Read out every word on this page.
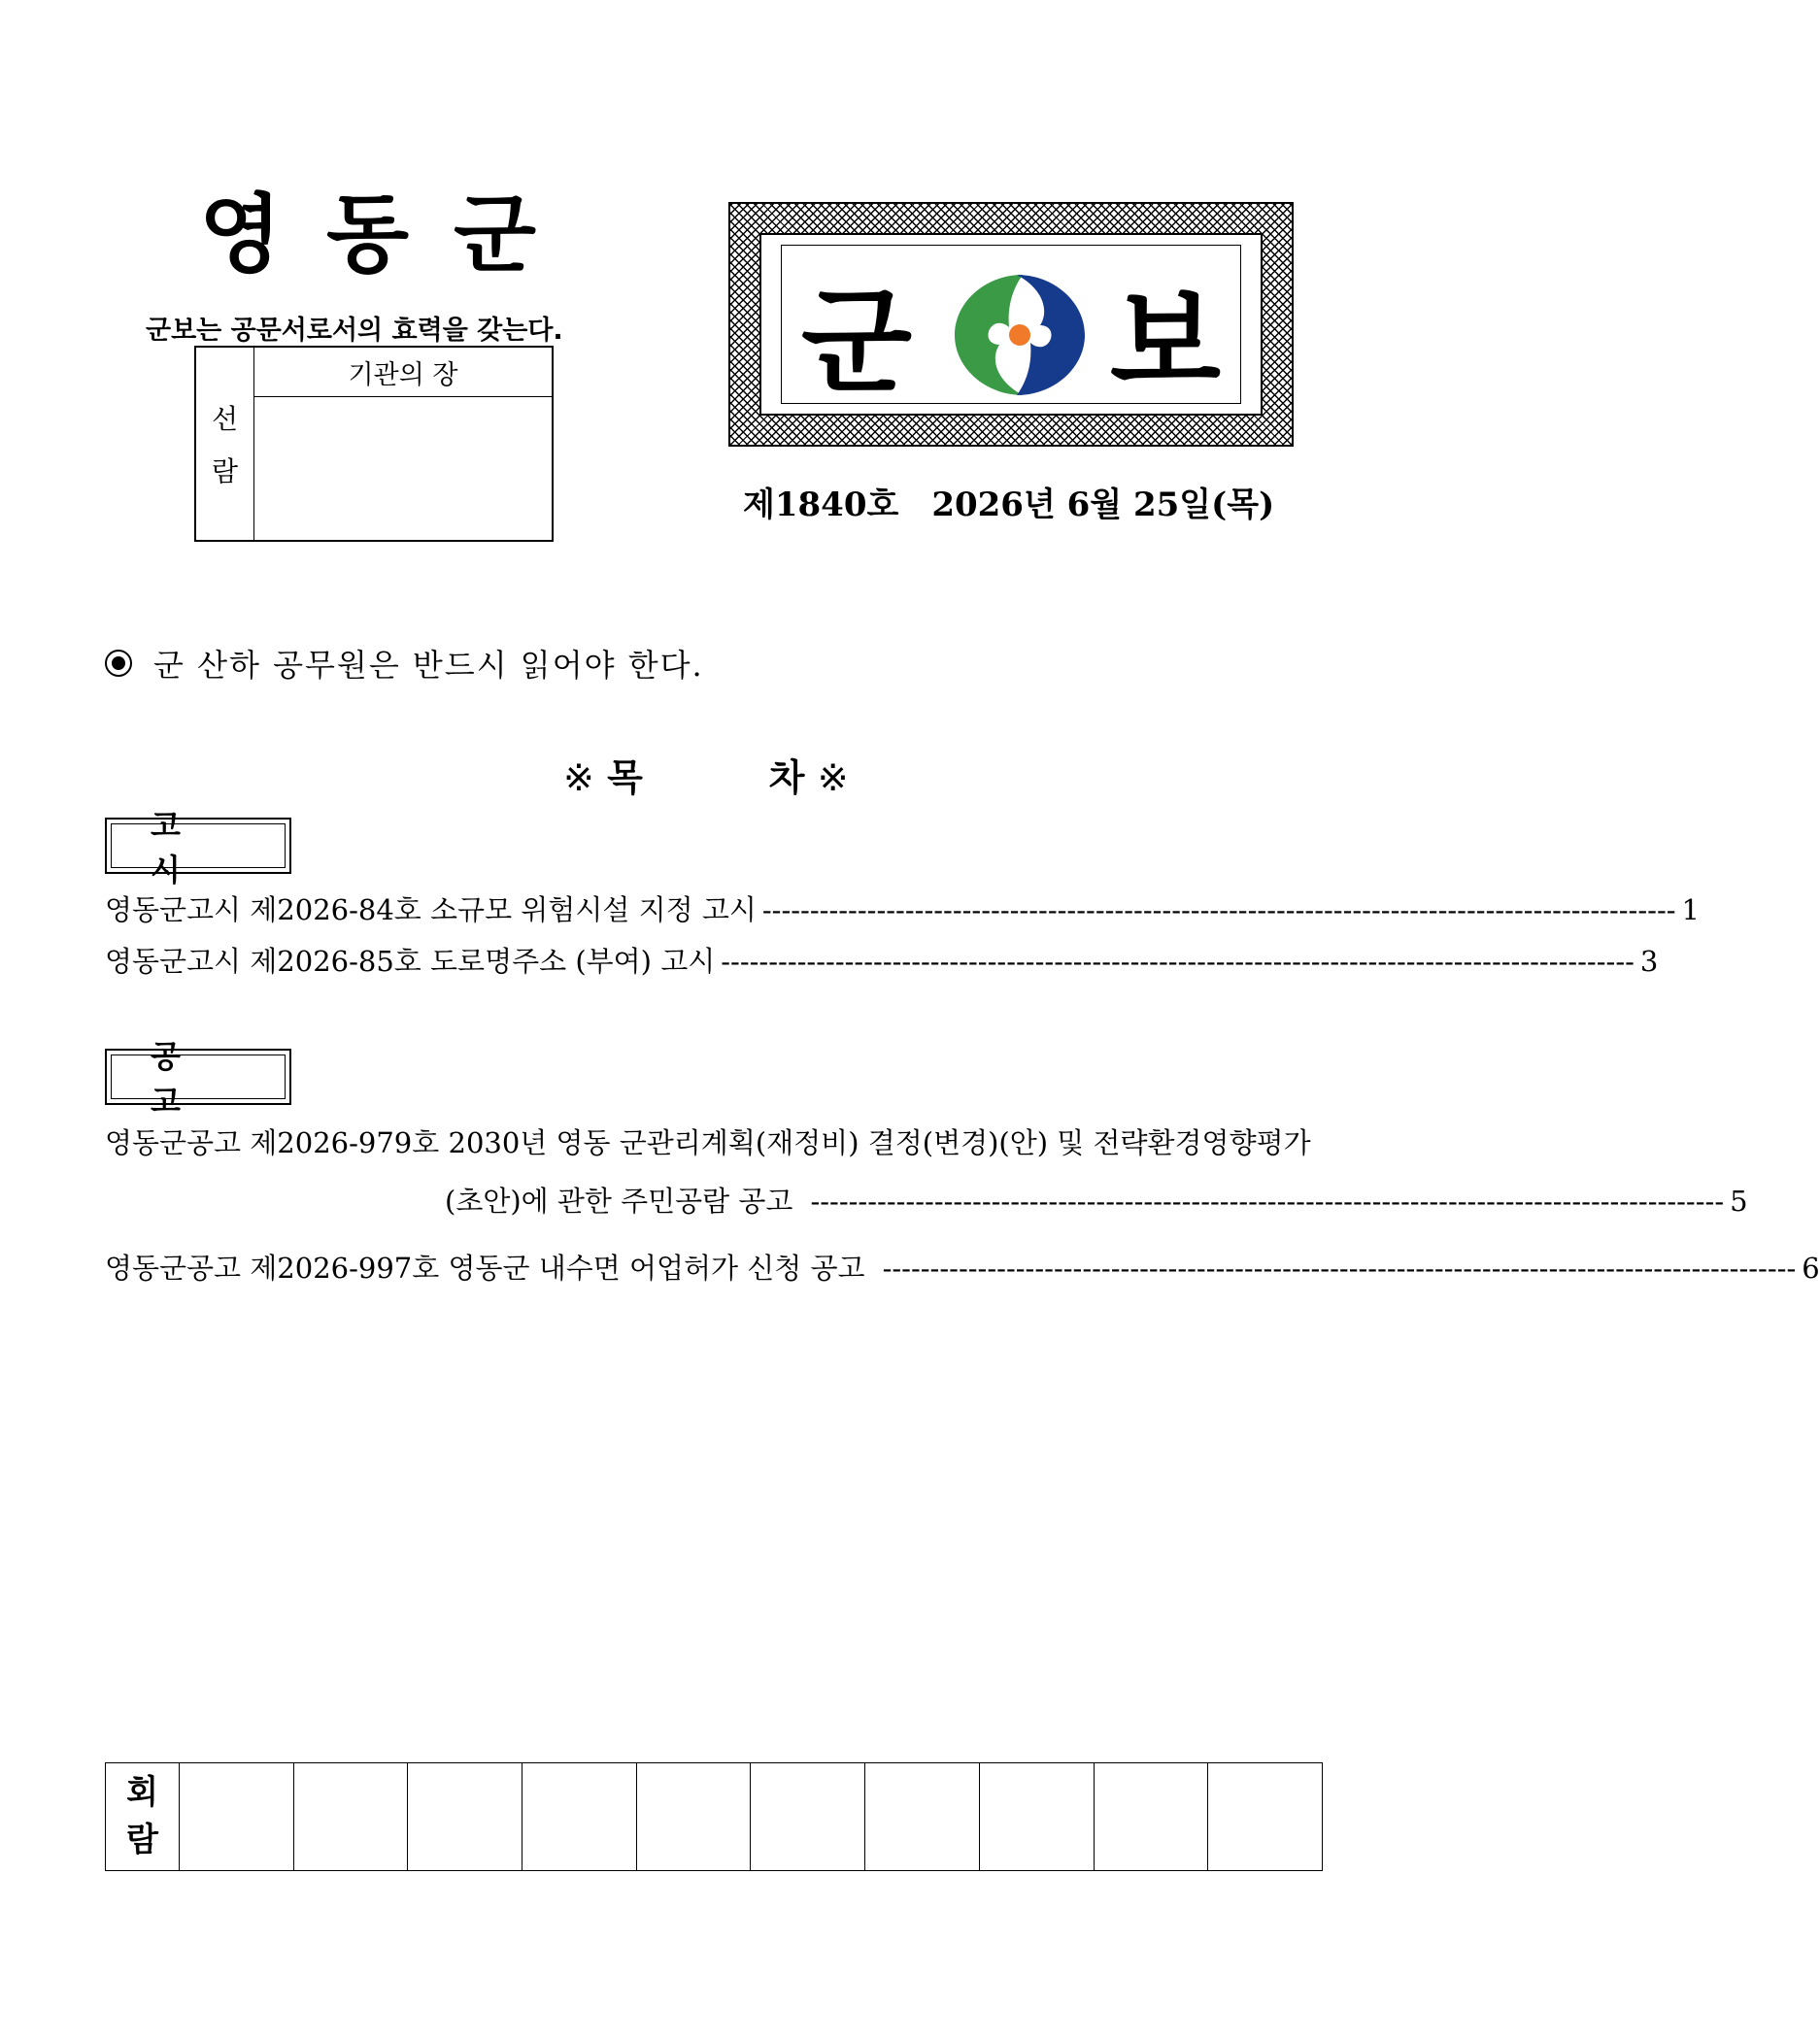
영동군
군보는 공문서로서의 효력을 갖는다.
선
람
기관의 장	군 보
제1840호 2026년 6월 25일(목)
군 산하 공무원은 반드시 읽어야 한다.
※ 목	차 ※
고시
영동군고시 제2026-84호 소규모 위험시설 지정 고시 ------------------------------------------------------------------------------------------------ 1
영동군고시 제2026-85호 도로명주소 (부여) 고시 ------------------------------------------------------------------------------------------------ 3
공고
영동군공고 제2026-979호 2030년 영동 군관리계획(재정비) 결정(변경)(안) 및 전략환경영향평가
(초안)에 관한 주민공람 공고 ------------------------------------------------------------------------------------------------ 5
영동군공고 제2026-997호 영동군 내수면 어업허가 신청 공고 ------------------------------------------------------------------------------------------------ 6
회
람
